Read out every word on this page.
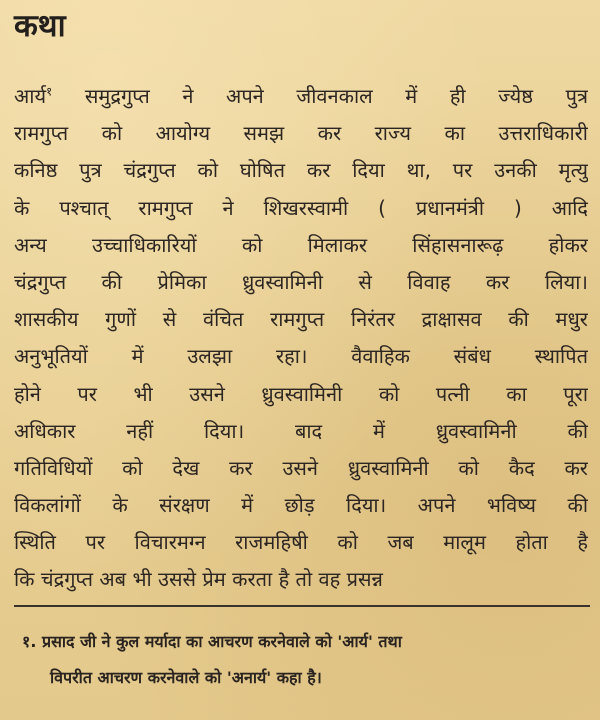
कथा
आर्य$^१$ समुद्रगुप्त ने अपने जीवनकाल में ही ज्येष्ठ पुत्र
रामगुप्त को आयोग्य समझ कर राज्य का उत्तराधिकारी
कनिष्ठ पुत्र चंद्रगुप्त को घोषित कर दिया था, पर उनकी मृत्यु
के पश्चात् रामगुप्त ने शिखरस्वामी ( प्रधानमंत्री ) आदि
अन्य उच्चाधिकारियों को मिलाकर सिंहासनारूढ़ होकर
चंद्रगुप्त की प्रेमिका ध्रुवस्वामिनी से विवाह कर लिया।
शासकीय गुणों से वंचित रामगुप्त निरंतर द्राक्षासव की मधुर
अनुभूतियों में उलझा रहा। वैवाहिक संबंध स्थापित
होने पर भी उसने ध्रुवस्वामिनी को पत्नी का पूरा
अधिकार नहीं दिया। बाद में ध्रुवस्वामिनी की
गतिविधियों को देख कर उसने ध्रुवस्वामिनी को कैद कर
विकलांगों के संरक्षण में छोड़ दिया। अपने भविष्य की
स्थिति पर विचारमग्न राजमहिषी को जब मालूम होता है
कि चंद्रगुप्त अब भी उससे प्रेम करता है तो वह प्रसन्न
१. प्रसाद जी ने कुल मर्यादा का आचरण करनेवाले को 'आर्य' तथा
विपरीत आचरण करनेवाले को 'अनार्य' कहा है।
